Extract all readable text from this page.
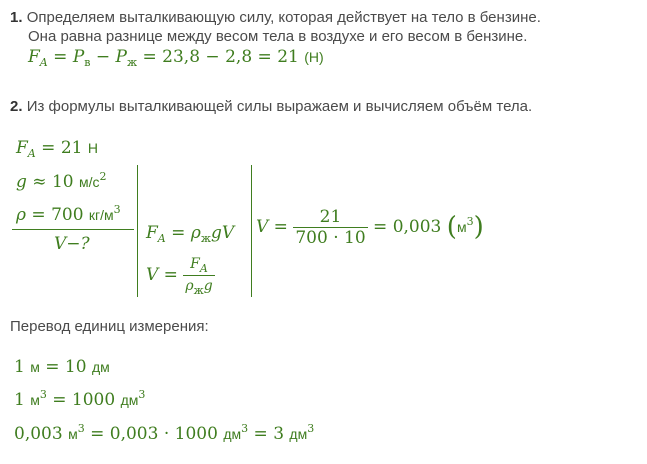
1. Определяем выталкивающую силу, которая действует на тело в бензине.
Она равна разнице между весом тела в воздухе и его весом в бензине.
$F_A = P_в - P_ж = 23,8 - 2,8 = 21$ (Н)
2. Из формулы выталкивающей силы выражаем и вычисляем объём тела.
$F_A = 21$ Н
g ≈ 10 $м/с^2$
ρ = 700 $кг/м^3$
V−?
$F_A = \rho_жgV$
$V = \frac{F_A}{\rho_жg}$
$V = \frac{21}{700 \cdot 10} = 0,003$ $(м^3)$
Перевод единиц измерения:
1 м = 10 дм
1 $м^3 = 1000$ $дм^3$
0,003 $м^3 = 0,003 \cdot 1000$ $дм^3 = 3$ $дм^3$
